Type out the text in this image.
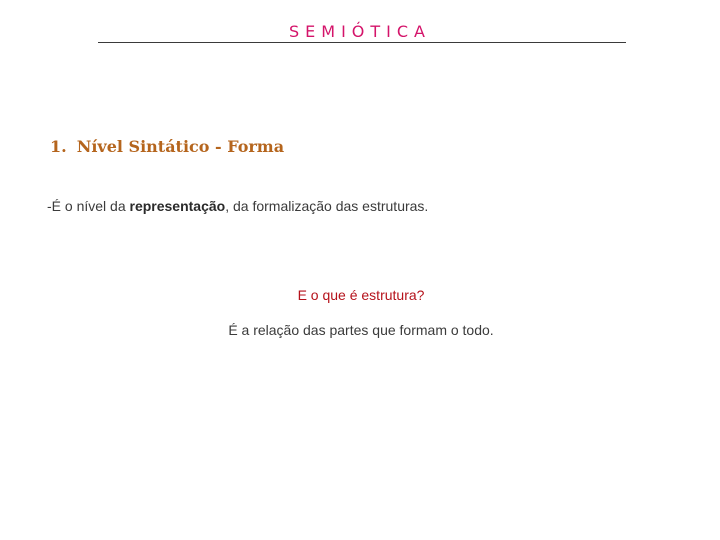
SEMIÓTICA
1. Nível Sintático - Forma
-É o nível da representação, da formalização das estruturas.
E o que é estrutura?
É a relação das partes que formam o todo.
